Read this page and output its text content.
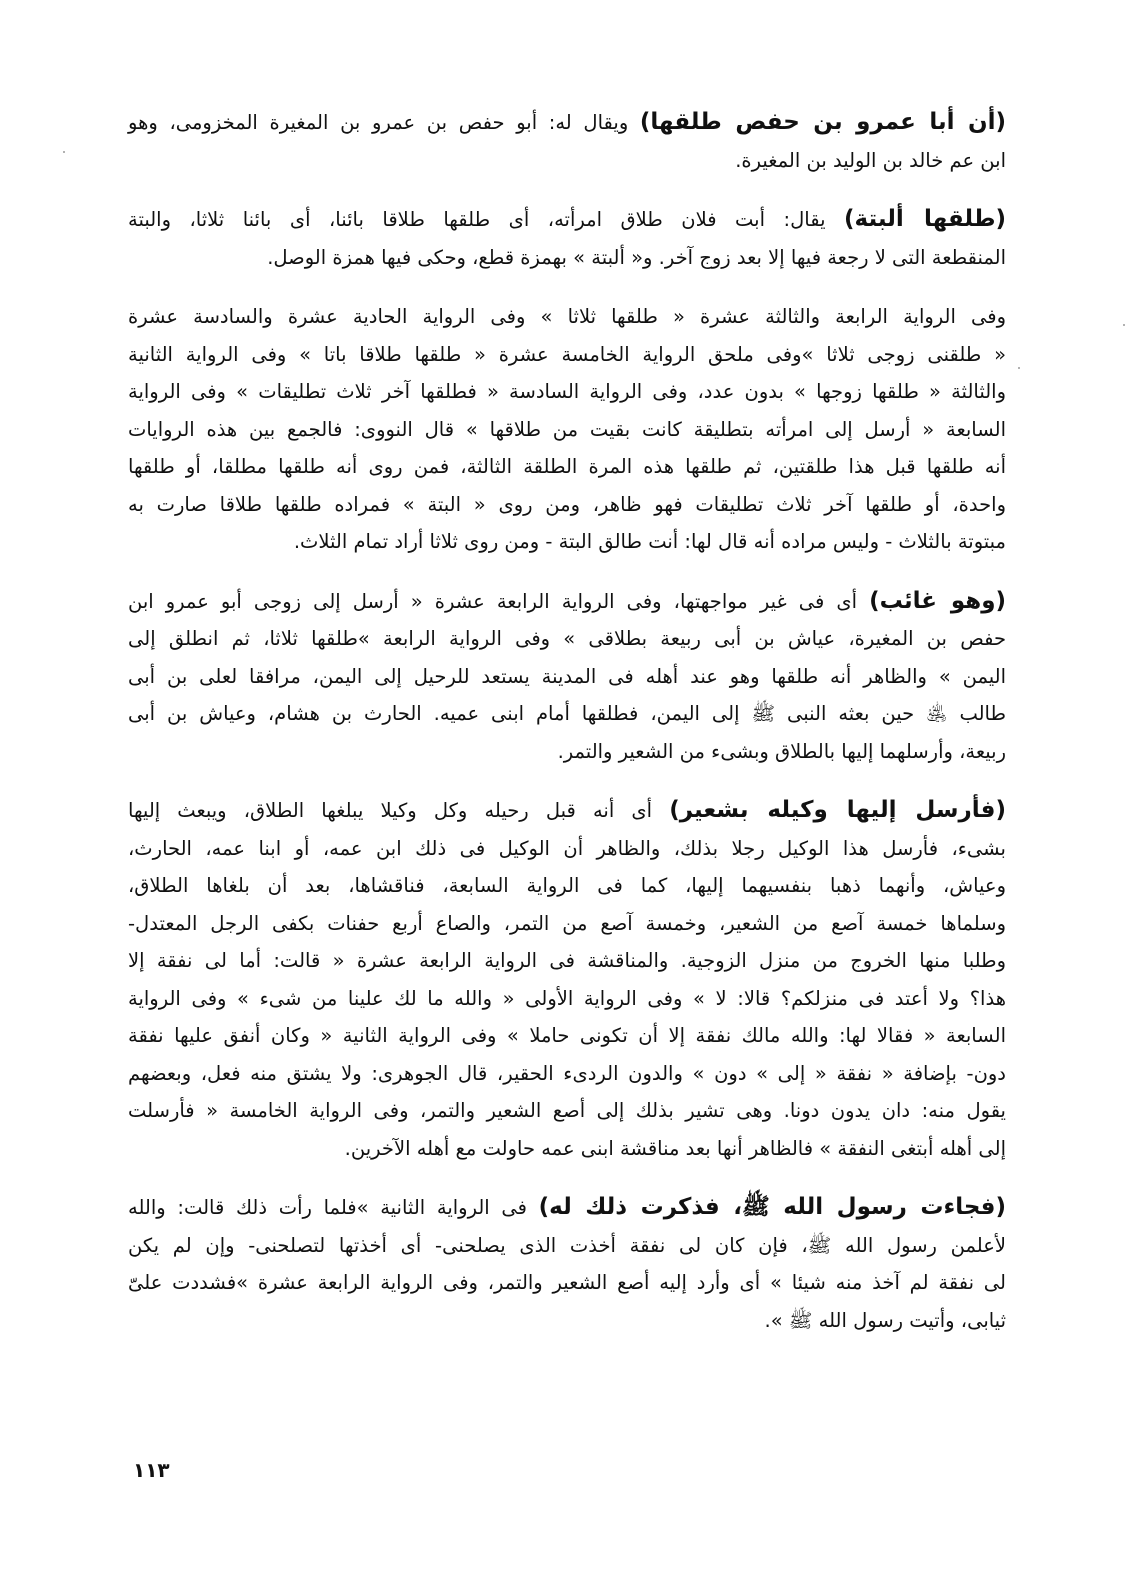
(أن أبا عمرو بن حفص طلقها) ويقال له: أبو حفص بن عمرو بن المغيرة المخزومى، وهو
ابن عم خالد بن الوليد بن المغيرة.
(طلقها ألبتة) يقال: أبت فلان طلاق امرأته، أى طلقها طلاقا بائنا، أى بائنا ثلاثا، والبتة
المنقطعة التى لا رجعة فيها إلا بعد زوج آخر. و« ألبتة » بهمزة قطع، وحكى فيها همزة الوصل.
وفى الرواية الرابعة والثالثة عشرة « طلقها ثلاثا » وفى الرواية الحادية عشرة والسادسة عشرة
« طلقنى زوجى ثلاثا »وفى ملحق الرواية الخامسة عشرة « طلقها طلاقا باتا » وفى الرواية الثانية
والثالثة « طلقها زوجها » بدون عدد، وفى الرواية السادسة « فطلقها آخر ثلاث تطليقات » وفى الرواية
السابعة « أرسل إلى امرأته بتطليقة كانت بقيت من طلاقها » قال النووى: فالجمع بين هذه الروايات
أنه طلقها قبل هذا طلقتين، ثم طلقها هذه المرة الطلقة الثالثة، فمن روى أنه طلقها مطلقا، أو طلقها
واحدة، أو طلقها آخر ثلاث تطليقات فهو ظاهر، ومن روى « البتة » فمراده طلقها طلاقا صارت به
مبتوتة بالثلاث - وليس مراده أنه قال لها: أنت طالق البتة - ومن روى ثلاثا أراد تمام الثلاث.
(وهو غائب) أى فى غير مواجهتها، وفى الرواية الرابعة عشرة « أرسل إلى زوجى أبو عمرو ابن
حفص بن المغيرة، عياش بن أبى ربيعة بطلاقى » وفى الرواية الرابعة »طلقها ثلاثا، ثم انطلق إلى
اليمن » والظاهر أنه طلقها وهو عند أهله فى المدينة يستعد للرحيل إلى اليمن، مرافقا لعلى بن أبى
طالب ﵁ حين بعثه النبى ﷺ إلى اليمن، فطلقها أمام ابنى عميه. الحارث بن هشام، وعياش بن أبى
ربيعة، وأرسلهما إليها بالطلاق وبشىء من الشعير والتمر.
(فأرسل إليها وكيله بشعير) أى أنه قبل رحيله وكل وكيلا يبلغها الطلاق، ويبعث إليها
بشىء، فأرسل هذا الوكيل رجلا بذلك، والظاهر أن الوكيل فى ذلك ابن عمه، أو ابنا عمه، الحارث،
وعياش، وأنهما ذهبا بنفسيهما إليها، كما فى الرواية السابعة، فناقشاها، بعد أن بلغاها الطلاق،
وسلماها خمسة آصع من الشعير، وخمسة آصع من التمر، والصاع أربع حفنات بكفى الرجل المعتدل-
وطلبا منها الخروج من منزل الزوجية. والمناقشة فى الرواية الرابعة عشرة « قالت: أما لى نفقة إلا
هذا؟ ولا أعتد فى منزلكم؟ قالا: لا » وفى الرواية الأولى « والله ما لك علينا من شىء » وفى الرواية
السابعة « فقالا لها: والله مالك نفقة إلا أن تكونى حاملا » وفى الرواية الثانية « وكان أنفق عليها نفقة
دون- بإضافة « نفقة « إلى » دون » والدون الردىء الحقير، قال الجوهرى: ولا يشتق منه فعل، وبعضهم
يقول منه: دان يدون دونا. وهى تشير بذلك إلى أصع الشعير والتمر، وفى الرواية الخامسة « فأرسلت
إلى أهله أبتغى النفقة » فالظاهر أنها بعد مناقشة ابنى عمه حاولت مع أهله الآخرين.
(فجاءت رسول الله ﷺ، فذكرت ذلك له) فى الرواية الثانية »فلما رأت ذلك قالت: والله
لأعلمن رسول الله ﷺ، فإن كان لى نفقة أخذت الذى يصلحنى- أى أخذتها لتصلحنى- وإن لم يكن
لى نفقة لم آخذ منه شيئا » أى وأرد إليه أصع الشعير والتمر، وفى الرواية الرابعة عشرة »فشددت علىّ
ثيابى، وأتيت رسول الله ﷺ ».
١١٣
